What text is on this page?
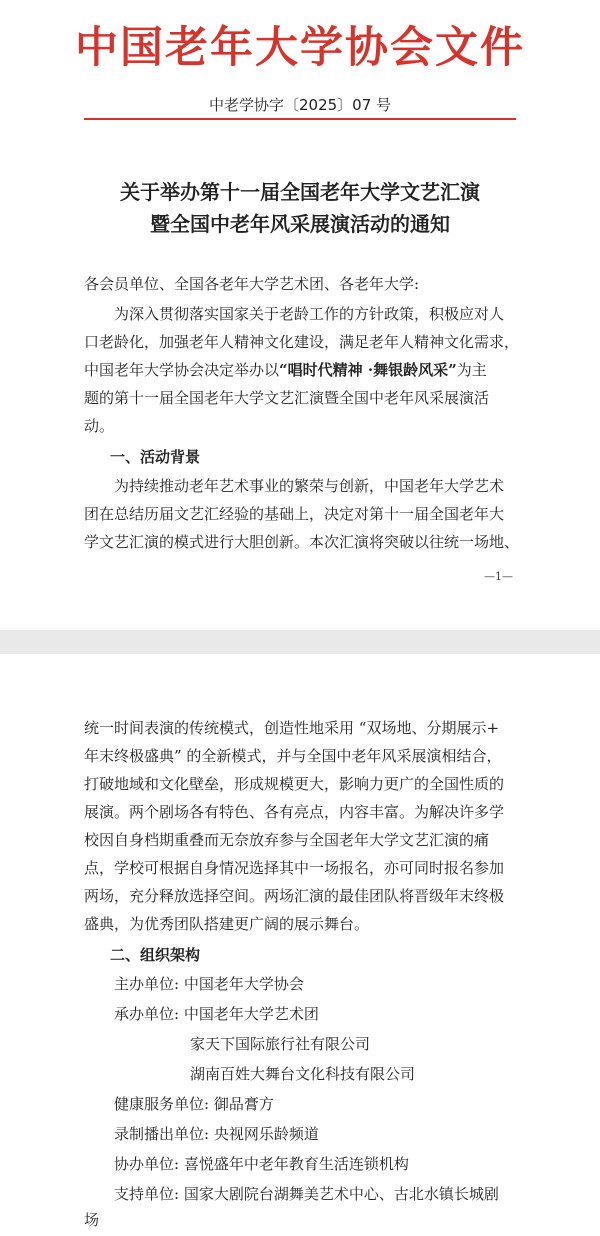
中国老年大学协会文件
中老学协字〔2025〕07 号
关于举办第十一届全国老年大学文艺汇演
暨全国中老年风采展演活动的通知
各会员单位、全国各老年大学艺术团、各老年大学:
为深入贯彻落实国家关于老龄工作的方针政策，积极应对人
口老龄化，加强老年人精神文化建设，满足老年人精神文化需求，
中国老年大学协会决定举办以“唱时代精神 ·舞银龄风采”为主
题的第十一届全国老年大学文艺汇演暨全国中老年风采展演活
动。
一、活动背景
为持续推动老年艺术事业的繁荣与创新，中国老年大学艺术
团在总结历届文艺汇经验的基础上，决定对第十一届全国老年大
学文艺汇演的模式进行大胆创新。本次汇演将突破以往统一场地、
—1—
统一时间表演的传统模式，创造性地采用 “双场地、分期展示+
年末终极盛典” 的全新模式，并与全国中老年风采展演相结合，
打破地域和文化壁垒，形成规模更大，影响力更广的全国性质的
展演。两个剧场各有特色、各有亮点，内容丰富。为解决许多学
校因自身档期重叠而无奈放弃参与全国老年大学文艺汇演的痛
点，学校可根据自身情况选择其中一场报名，亦可同时报名参加
两场，充分释放选择空间。两场汇演的最佳团队将晋级年末终极
盛典，为优秀团队搭建更广阔的展示舞台。
二、组织架构
主办单位: 中国老年大学协会
承办单位: 中国老年大学艺术团
家天下国际旅行社有限公司
湖南百姓大舞台文化科技有限公司
健康服务单位: 御品膏方
录制播出单位: 央视网乐龄频道
协办单位: 喜悦盛年中老年教育生活连锁机构
支持单位: 国家大剧院台湖舞美艺术中心、古北水镇长城剧
场
